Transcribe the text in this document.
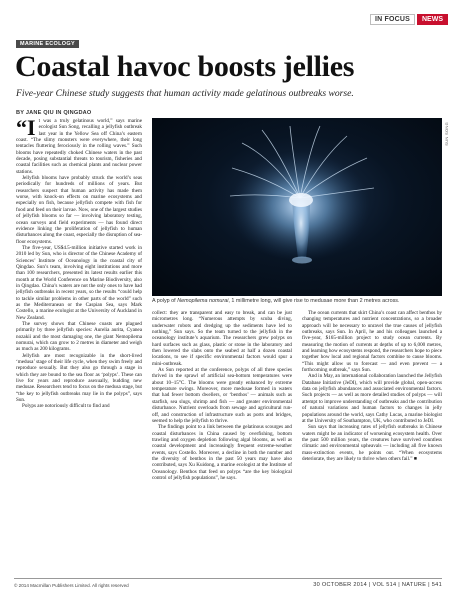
IN FOCUS	NEWS
MARINE ECOLOGY
Coastal havoc boosts jellies

Five-year Chinese study suggests that human activity made gelatinous outbreaks worse.

BY JANE QIU IN QINGDAO

“It was a truly gelatinous world,” says marine ecologist Sun Song, recalling a jellyfish outbreak last year in the Yellow Sea off China’s eastern coast. “The slimy monsters were everywhere, their long tentacles fluttering ferociously in the rolling waves.” Such blooms have repeatedly choked Chinese waters in the past decade, posing substantial threats to tourism, fisheries and coastal facilities such as chemical plants and nuclear power stations.

Jellyfish blooms have probably struck the world’s seas periodically for hundreds of millions of years. But researchers suspect that human activity has made them worse, with knock-on effects on marine ecosystems and especially on fish, because jellyfish compete with fish for food and feed on their larvae. Now, one of the largest studies of jellyfish blooms so far — involving laboratory testing, ocean surveys and field experiments — has found direct evidence linking the proliferation of jellyfish to human disturbances along the coast, especially the disruption of sea-floor ecosystems.

The five-year, US$4.5-million initiative started work in 2010 led by Sun, who is director of the Chinese Academy of Sciences’ Institute of Oceanology in the coastal city of Qingdao. Sun’s team, involving eight institutions and more than 100 researchers, presented its latest results earlier this month at the World Conference on Marine Biodiversity, also in Qingdao. China’s waters are not the only ones to have had jellyfish outbreaks in recent years, so the results “could help to tackle similar problems in other parts of the world” such as the Mediterranean or the Caspian Sea, says Mark Costello, a marine ecologist at the University of Auckland in New Zealand.

The survey shows that Chinese coasts are plagued primarily by three jellyfish species: Aurelia aurita, Cyanea nozakii and the most damaging one, the giant Nemopilema nomurai, which can grow to 2 metres in diameter and weigh as much as 200 kilograms.

Jellyfish are most recognizable in the short-lived ‘medusa’ stage of their life cycle, when they swim freely and reproduce sexually. But they also go through a stage in which they are bound to the sea floor as ‘polyps’. These can live for years and reproduce asexually, budding new medusae. Researchers tend to focus on the medusa stage, but “the key to jellyfish outbreaks may lie in the polyps”, says Sun.

Polyps are notoriously difficult to find and

SUN SONG

A polyp of Nemopilema nomurai, 1 millimetre long, will give rise to medusae more than 2 metres across.

collect: they are transparent and easy to break, and can be just micrometres long. “Numerous attempts by scuba diving, underwater robots and dredging up the sediments have led to nothing,” Sun says. So the team turned to the jellyfish in the oceanology institute’s aquarium. The researchers grew polyps on hard surfaces such as glass, plastic or stone in the laboratory and then lowered the slabs onto the seabed at half a dozen coastal locations, to see if specific environmental factors would spur a mini-outbreak.

As Sun reported at the conference, polyps of all three species thrived in the sprawl of artificial sea-bottom temperatures were about 10–15°C. The blooms were greatly enhanced by extreme temperature swings. Moreover, more medusae formed in waters that had fewer bottom dwellers, or ‘benthos’ — animals such as starfish, sea slugs, shrimp and fish — and greater environmental disturbance. Nutrient overloads from sewage and agricultural run-off, and construction of infrastructure such as ports and bridges, seemed to help the jellyfish to thrive.

The findings point to a link between the gelatinous scourges and coastal disturbances in China caused by overfishing, bottom trawling and oxygen depletion following algal blooms, as well as coastal development and increasingly frequent extreme-weather events, says Costello. Moreover, a decline in both the number and the diversity of benthos in the past 50 years may have also contributed, says Xu Kuidong, a marine ecologist at the Institute of Oceanology. Benthos that feed on polyps “are the key biological control of jellyfish populations”, he says.

The ocean currents that skirt China’s coast can affect benthos by changing temperatures and nutrient concentrations, so a broader approach will be necessary to unravel the true causes of jellyfish outbreaks, says Sun. In April, he and his colleagues launched a five-year, $165-million project to study ocean currents. By measuring the motion of currents at depths of up to 6,000 metres, and learning how ecosystems respond, the researchers hope to piece together how local and regional factors combine to cause blooms. “This might allow us to forecast — and even prevent — a forthcoming outbreak,” says Sun.

And in May, an international collaboration launched the Jellyfish Database Initiative (JeDI), which will provide global, open-access data on jellyfish abundances and associated environmental factors. Such projects — as well as more detailed studies of polyps — will attempt to improve understanding of outbreaks and the contribution of natural variations and human factors to changes in jelly populations around the world, says Cathy Lucas, a marine biologist at the University of Southampton, UK, who contributed to JeDI.

Sun says that increasing rates of jellyfish outbreaks in Chinese waters might be an indicator of worsening ecosystem health. Over the past 500 million years, the creatures have survived countless climatic and environmental upheavals — including all five known mass-extinction events, he points out. “When ecosystems deteriorate, they are likely to thrive when others fail.” ■

© 2014 Macmillan Publishers Limited. All rights reserved	30 OCTOBER 2014 | VOL 514 | NATURE | 541
